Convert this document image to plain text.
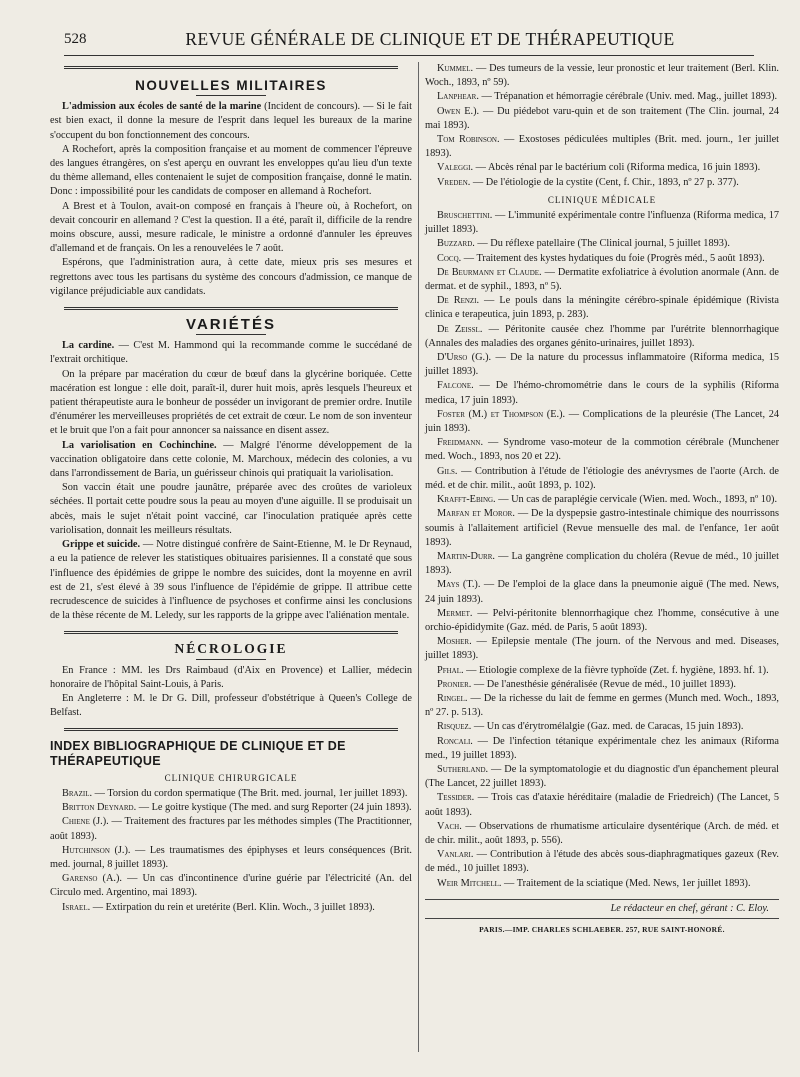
528	REVUE GÉNÉRALE DE CLINIQUE ET DE THÉRAPEUTIQUE
NOUVELLES MILITAIRES

L'admission aux écoles de santé de la marine (Incident de concours). — Si le fait est bien exact, il donne la mesure de l'esprit dans lequel les bureaux de la marine s'occupent du bon fonctionnement des concours.

A Rochefort, après la composition française et au moment de commencer l'épreuve des langues étrangères, on s'est aperçu en ouvrant les enveloppes qu'au lieu d'un texte du thème allemand, elles contenaient le sujet de composition française, donné le matin. Donc : impossibilité pour les candidats de composer en allemand à Rochefort.

A Brest et à Toulon, avait-on composé en français à l'heure où, à Rochefort, on devait concourir en allemand ? C'est la question. Il a été, paraît il, difficile de la rendre moins obscure, aussi, mesure radicale, le ministre a ordonné d'annuler les épreuves d'allemand et de français. On les a renouvelées le 7 août.

Espérons, que l'administration aura, à cette date, mieux pris ses mesures et regrettons avec tous les partisans du système des concours d'admission, ce manque de vigilance préjudiciable aux candidats.

VARIÉTÉS

La cardine. — C'est M. Hammond qui la recommande comme le succédané de l'extrait orchitique.

On la prépare par macération du cœur de bœuf dans la glycérine boriquée. Cette macération est longue : elle doit, paraît-il, durer huit mois, après lesquels l'heureux et patient thérapeutiste aura le bonheur de posséder un invigorant de premier ordre. Inutile d'énumérer les merveilleuses propriétés de cet extrait de cœur. Le nom de son inventeur et le bruit que l'on a fait pour annoncer sa naissance en disent assez.

La variolisation en Cochinchine. — Malgré l'énorme développement de la vaccination obligatoire dans cette colonie, M. Marchoux, médecin des colonies, a vu dans l'arrondissement de Baria, un guérisseur chinois qui pratiquait la variolisation.

Son vaccin était une poudre jaunâtre, préparée avec des croûtes de varioleux séchées. Il portait cette poudre sous la peau au moyen d'une aiguille. Il se produisait un abcès, mais le sujet n'était point vacciné, car l'inoculation pratiquée après cette variolisation, donnait les meilleurs résultats.

Grippe et suicide. — Notre distingué confrère de Saint-Etienne, M. le Dr Reynaud, a eu la patience de relever les statistiques obituaires parisiennes. Il a constaté que sous l'influence des épidémies de grippe le nombre des suicides, dont la moyenne en avril est de 21, s'est élevé à 39 sous l'influence de l'épidémie de grippe. Il attribue cette recrudescence de suicides à l'influence de psychoses et confirme ainsi les conclusions de la thèse récente de M. Leledy, sur les rapports de la grippe avec l'aliénation mentale.

NÉCROLOGIE

En France : MM. les Drs Raimbaud (d'Aix en Provence) et Lallier, médecin honoraire de l'hôpital Saint-Louis, à Paris.

En Angleterre : M. le Dr G. Dill, professeur d'obstétrique à Queen's College de Belfast.

INDEX BIBLIOGRAPHIQUE DE CLINIQUE ET DE THÉRAPEUTIQUE
CLINIQUE CHIRURGICALE

Brazil. — Torsion du cordon spermatique (The Brit. med. journal, 1er juillet 1893).

Britton Deynard. — Le goitre kystique (The med. and surg Reporter (24 juin 1893).

Chiene (J.). — Traitement des fractures par les méthodes simples (The Practitionner, août 1893).

Hutchinson (J.). — Les traumatismes des épiphyses et leurs conséquences (Brit. med. journal, 8 juillet 1893).

Garenso (A.). — Un cas d'incontinence d'urine guérie par l'électricité (An. del Circulo med. Argentino, mai 1893).

Israel. — Extirpation du rein et uretérite (Berl. Klin. Woch., 3 juillet 1893).

Kummel. — Des tumeurs de la vessie, leur pronostic et leur traitement (Berl. Klin. Woch., 1893, nº 59).

Lanphear. — Trépanation et hémorragie cérébrale (Univ. med. Mag., juillet 1893).

Owen E.). — Du piédebot varu-quin et de son traitement (The Clin. journal, 24 mai 1893).

Tom Robinson. — Exostoses pédiculées multiples (Brit. med. journ., 1er juillet 1893).

Valeggi. — Abcès rénal par le bactérium coli (Riforma medica, 16 juin 1893).

Vreden. — De l'étiologie de la cystite (Cent, f. Chir., 1893, nº 27 p. 377).

CLINIQUE MÉDICALE

Bruschettini. — L'immunité expérimentale contre l'influenza (Riforma medica, 17 juillet 1893).

Buzzard. — Du réflexe patellaire (The Clinical journal, 5 juillet 1893).

Cocq. — Traitement des kystes hydatiques du foie (Progrès méd., 5 août 1893).

De Beurmann et Claude. — Dermatite exfoliatrice à évolution anormale (Ann. de dermat. et de syphil., 1893, nº 5).

De Renzi. — Le pouls dans la méningite cérébro-spinale épidémique (Rivista clinica e terapeutica, juin 1893, p. 283).

De Zeissl. — Péritonite causée chez l'homme par l'urétrite blennorrhagique (Annales des maladies des organes génito-urinaires, juillet 1893).

D'Urso (G.). — De la nature du processus inflammatoire (Riforma medica, 15 juillet 1893).

Falcone. — De l'hémo-chromométrie dans le cours de la syphilis (Riforma medica, 17 juin 1893).

Foster (M.) et Thompson (E.). — Complications de la pleurésie (The Lancet, 24 juin 1893).

Freidmann. — Syndrome vaso-moteur de la commotion cérébrale (Munchener med. Woch., 1893, nos 20 et 22).

Gils. — Contribution à l'étude de l'étiologie des anévrysmes de l'aorte (Arch. de méd. et de chir. milit., août 1893, p. 102).

Krafft-Ebing. — Un cas de paraplégie cervicale (Wien. med. Woch., 1893, nº 10).

Marfan et Moror. — De la dyspepsie gastro-intestinale chimique des nourrissons soumis à l'allaitement artificiel (Revue mensuelle des mal. de l'enfance, 1er août 1893).

Martin-Durr. — La gangrène complication du choléra (Revue de méd., 10 juillet 1893).

Mays (T.). — De l'emploi de la glace dans la pneumonie aiguë (The med. News, 24 juin 1893).

Mermet. — Pelvi-péritonite blennorrhagique chez l'homme, consécutive à une orchio-épididymite (Gaz. méd. de Paris, 5 août 1893).

Mosher. — Epilepsie mentale (The journ. of the Nervous and med. Diseases, juillet 1893).

Pfhal. — Etiologie complexe de la fièvre typhoïde (Zet. f. hygiène, 1893. hf. 1).

Pronier. — De l'anesthésie généralisée (Revue de méd., 10 juillet 1893).

Ringel. — De la richesse du lait de femme en germes (Munch med. Woch., 1893, nº 27. p. 513).

Risquez. — Un cas d'érytromélalgie (Gaz. med. de Caracas, 15 juin 1893).

Roncali. — De l'infection tétanique expérimentale chez les animaux (Riforma med., 19 juillet 1893).

Sutherland. — De la symptomatologie et du diagnostic d'un épanchement pleural (The Lancet, 22 juillet 1893).

Tessider. — Trois cas d'ataxie héréditaire (maladie de Friedreich) (The Lancet, 5 août 1893).

Vach. — Observations de rhumatisme articulaire dysentérique (Arch. de méd. et de chir. milit., août 1893, p. 556).

Vanlari. — Contribution à l'étude des abcès sous-diaphragmatiques gazeux (Rev. de méd., 10 juillet 1893).

Weir Mitchell. — Traitement de la sciatique (Med. News, 1er juillet 1893).

Le rédacteur en chef, gérant : C. Eloy.
PARIS.—IMP. CHARLES SCHLAEBER. 257, RUE SAINT-HONORÉ.
